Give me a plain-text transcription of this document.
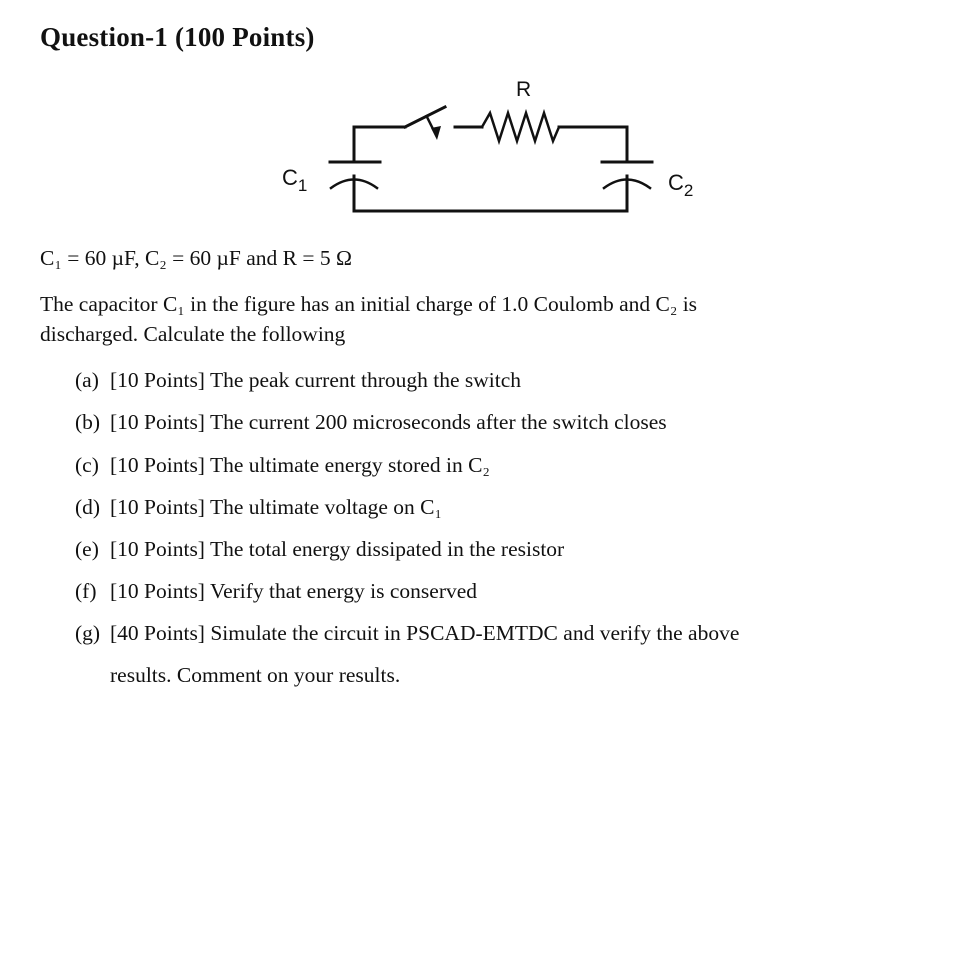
Question-1 (100 Points)
R
$C_1$	$C_2$
C₁ = 60 µF, C₂ = 60 µF and R = 5 Ω
The capacitor C₁ in the figure has an initial charge of 1.0 Coulomb and C₂ is
discharged. Calculate the following
(a) [10 Points] The peak current through the switch
(b) [10 Points] The current 200 microseconds after the switch closes
(c) [10 Points] The ultimate energy stored in C₂
(d) [10 Points] The ultimate voltage on C₁
(e) [10 Points] The total energy dissipated in the resistor
(f) [10 Points] Verify that energy is conserved
(g) [40 Points] Simulate the circuit in PSCAD-EMTDC and verify the above
results. Comment on your results.
